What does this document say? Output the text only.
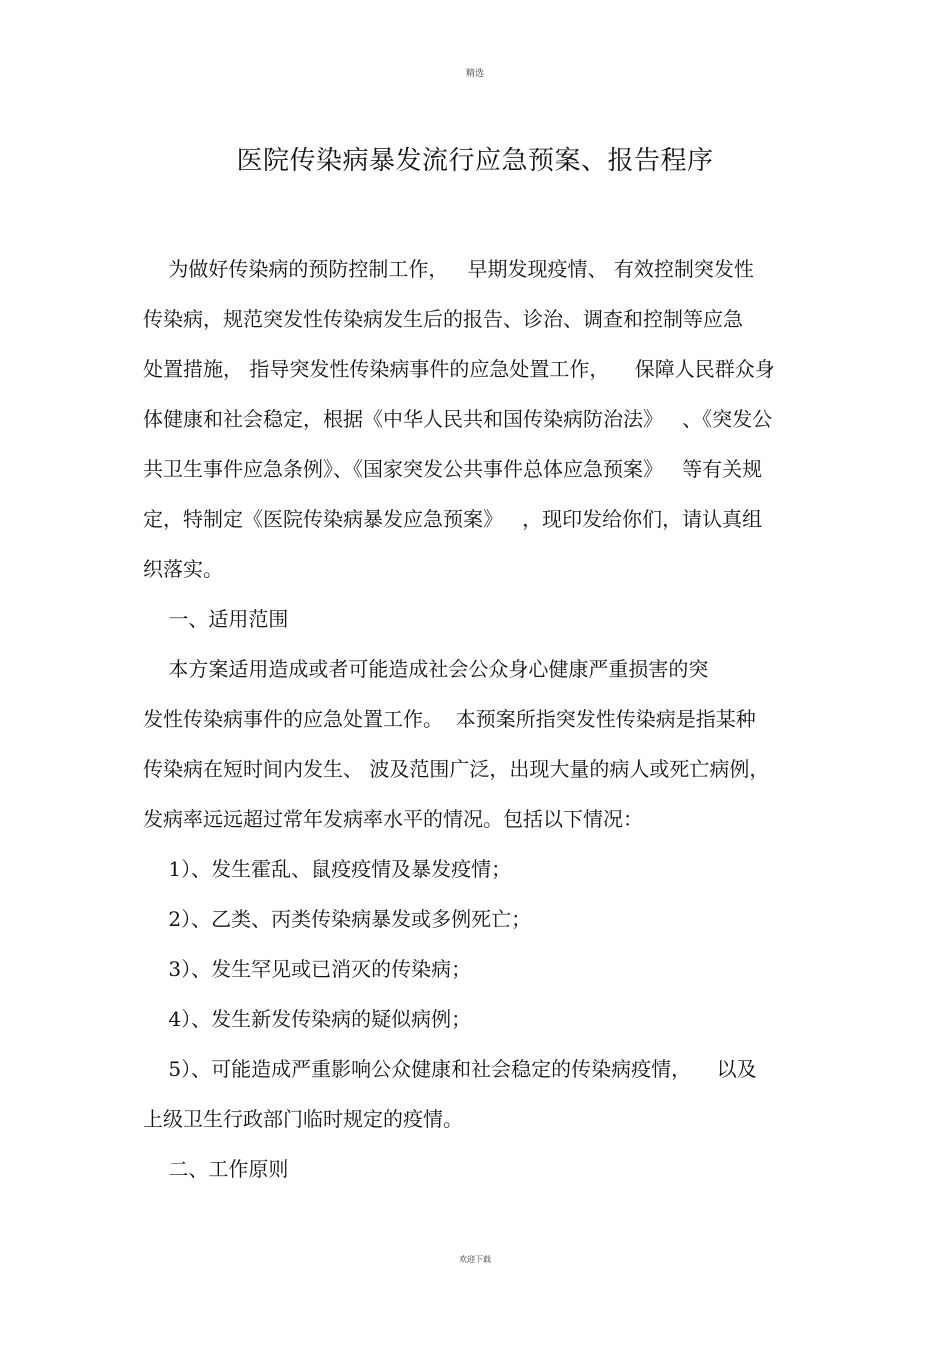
精选
医院传染病暴发流行应急预案、报告程序
为做好传染病的预防控制工作，   早期发现疫情、 有效控制突发性
传染病，规范突发性传染病发生后的报告、诊治、调查和控制等应急
处置措施， 指导突发性传染病事件的应急处置工作，    保障人民群众身
体健康和社会稳定，根据《中华人民共和国传染病防治法》   、《突发公
共卫生事件应急条例》、《国家突发公共事件总体应急预案》   等有关规
定，特制定《医院传染病暴发应急预案》   ，现印发给你们，请认真组
织落实。
一、适用范围
本方案适用造成或者可能造成社会公众身心健康严重损害的突
发性传染病事件的应急处置工作。  本预案所指突发性传染病是指某种
传染病在短时间内发生、 波及范围广泛，出现大量的病人或死亡病例，
发病率远远超过常年发病率水平的情况。包括以下情况：
1）、发生霍乱、鼠疫疫情及暴发疫情；
2）、乙类、丙类传染病暴发或多例死亡；
3）、发生罕见或已消灭的传染病；
4）、发生新发传染病的疑似病例；
5）、可能造成严重影响公众健康和社会稳定的传染病疫情，    以及
上级卫生行政部门临时规定的疫情。
二、工作原则
欢迎下载
